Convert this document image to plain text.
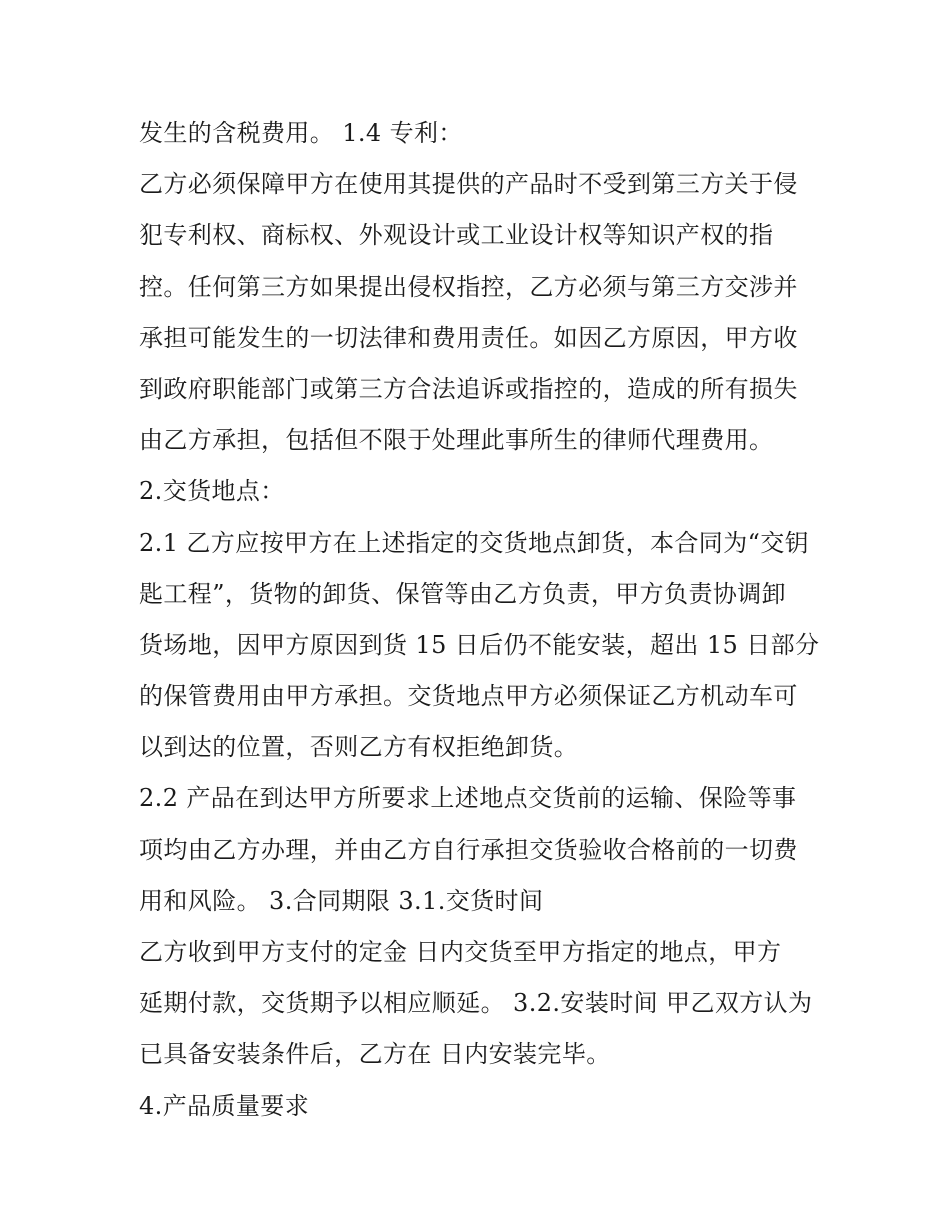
发生的含税费用。 1.4 专利：
乙方必须保障甲方在使用其提供的产品时不受到第三方关于侵
犯专利权、商标权、外观设计或工业设计权等知识产权的指
控。任何第三方如果提出侵权指控，乙方必须与第三方交涉并
承担可能发生的一切法律和费用责任。如因乙方原因，甲方收
到政府职能部门或第三方合法追诉或指控的，造成的所有损失
由乙方承担，包括但不限于处理此事所生的律师代理费用。
2.交货地点：
2.1 乙方应按甲方在上述指定的交货地点卸货，本合同为“交钥
匙工程”，货物的卸货、保管等由乙方负责，甲方负责协调卸
货场地，因甲方原因到货 15 日后仍不能安装，超出 15 日部分
的保管费用由甲方承担。交货地点甲方必须保证乙方机动车可
以到达的位置，否则乙方有权拒绝卸货。
2.2 产品在到达甲方所要求上述地点交货前的运输、保险等事
项均由乙方办理，并由乙方自行承担交货验收合格前的一切费
用和风险。 3.合同期限 3.1.交货时间
乙方收到甲方支付的定金 日内交货至甲方指定的地点，甲方
延期付款，交货期予以相应顺延。 3.2.安装时间 甲乙双方认为
已具备安装条件后，乙方在 日内安装完毕。
4.产品质量要求
